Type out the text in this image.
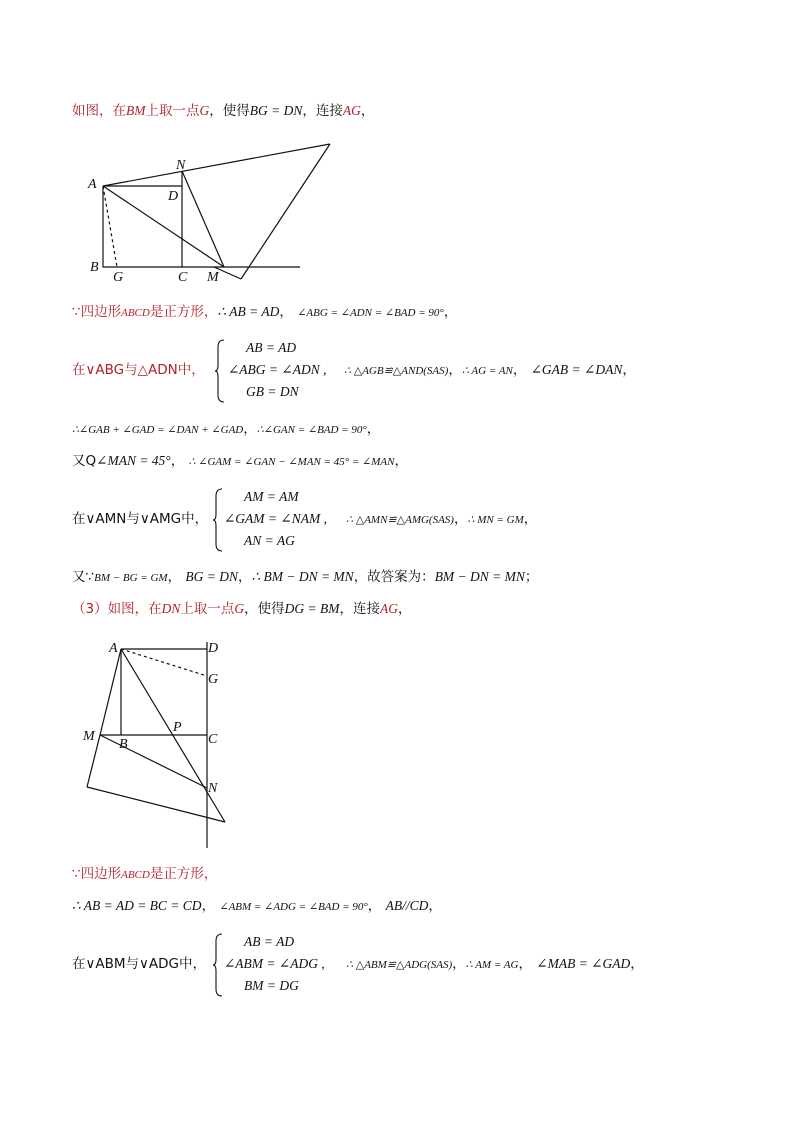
如图，在BM上取一点G，使得BG = DN，连接AG，
N
A
D
B
G	C M
∵四边形ABCD是正方形，∴ AB = AD， ∠ABG = ∠ADN = ∠BAD = 90°，
在∨ABG与△ADN中，
AB = AD
∠ABG = ∠ADN ,
GB = DN
∴ △AGB≌△AND(SAS)，∴ AG = AN， ∠GAB = ∠DAN，
∴∠GAB + ∠GAD = ∠DAN + ∠GAD，∴∠GAN = ∠BAD = 90°，
又Q∠MAN = 45°， ∴ ∠GAM = ∠GAN − ∠MAN = 45° = ∠MAN，
在∨AMN与∨AMG中，
AM = AM
∠GAM = ∠NAM ,
AN = AG
∴ △AMN≌△AMG(SAS)，∴ MN = GM，
又∵BM − BG = GM， BG = DN，∴ BM − DN = MN，故答案为：BM − DN = MN；
（3）如图，在DN上取一点G，使得DG = BM，连接AG，
A	D
G
P
M
B	C
N
∵四边形ABCD是正方形，
∴ AB = AD = BC = CD， ∠ABM = ∠ADG = ∠BAD = 90°， AB//CD，
在∨ABM与∨ADG中，
AB = AD
∠ABM = ∠ADG ,
BM = DG
∴ △ABM≌△ADG(SAS)，∴ AM = AG， ∠MAB = ∠GAD，
